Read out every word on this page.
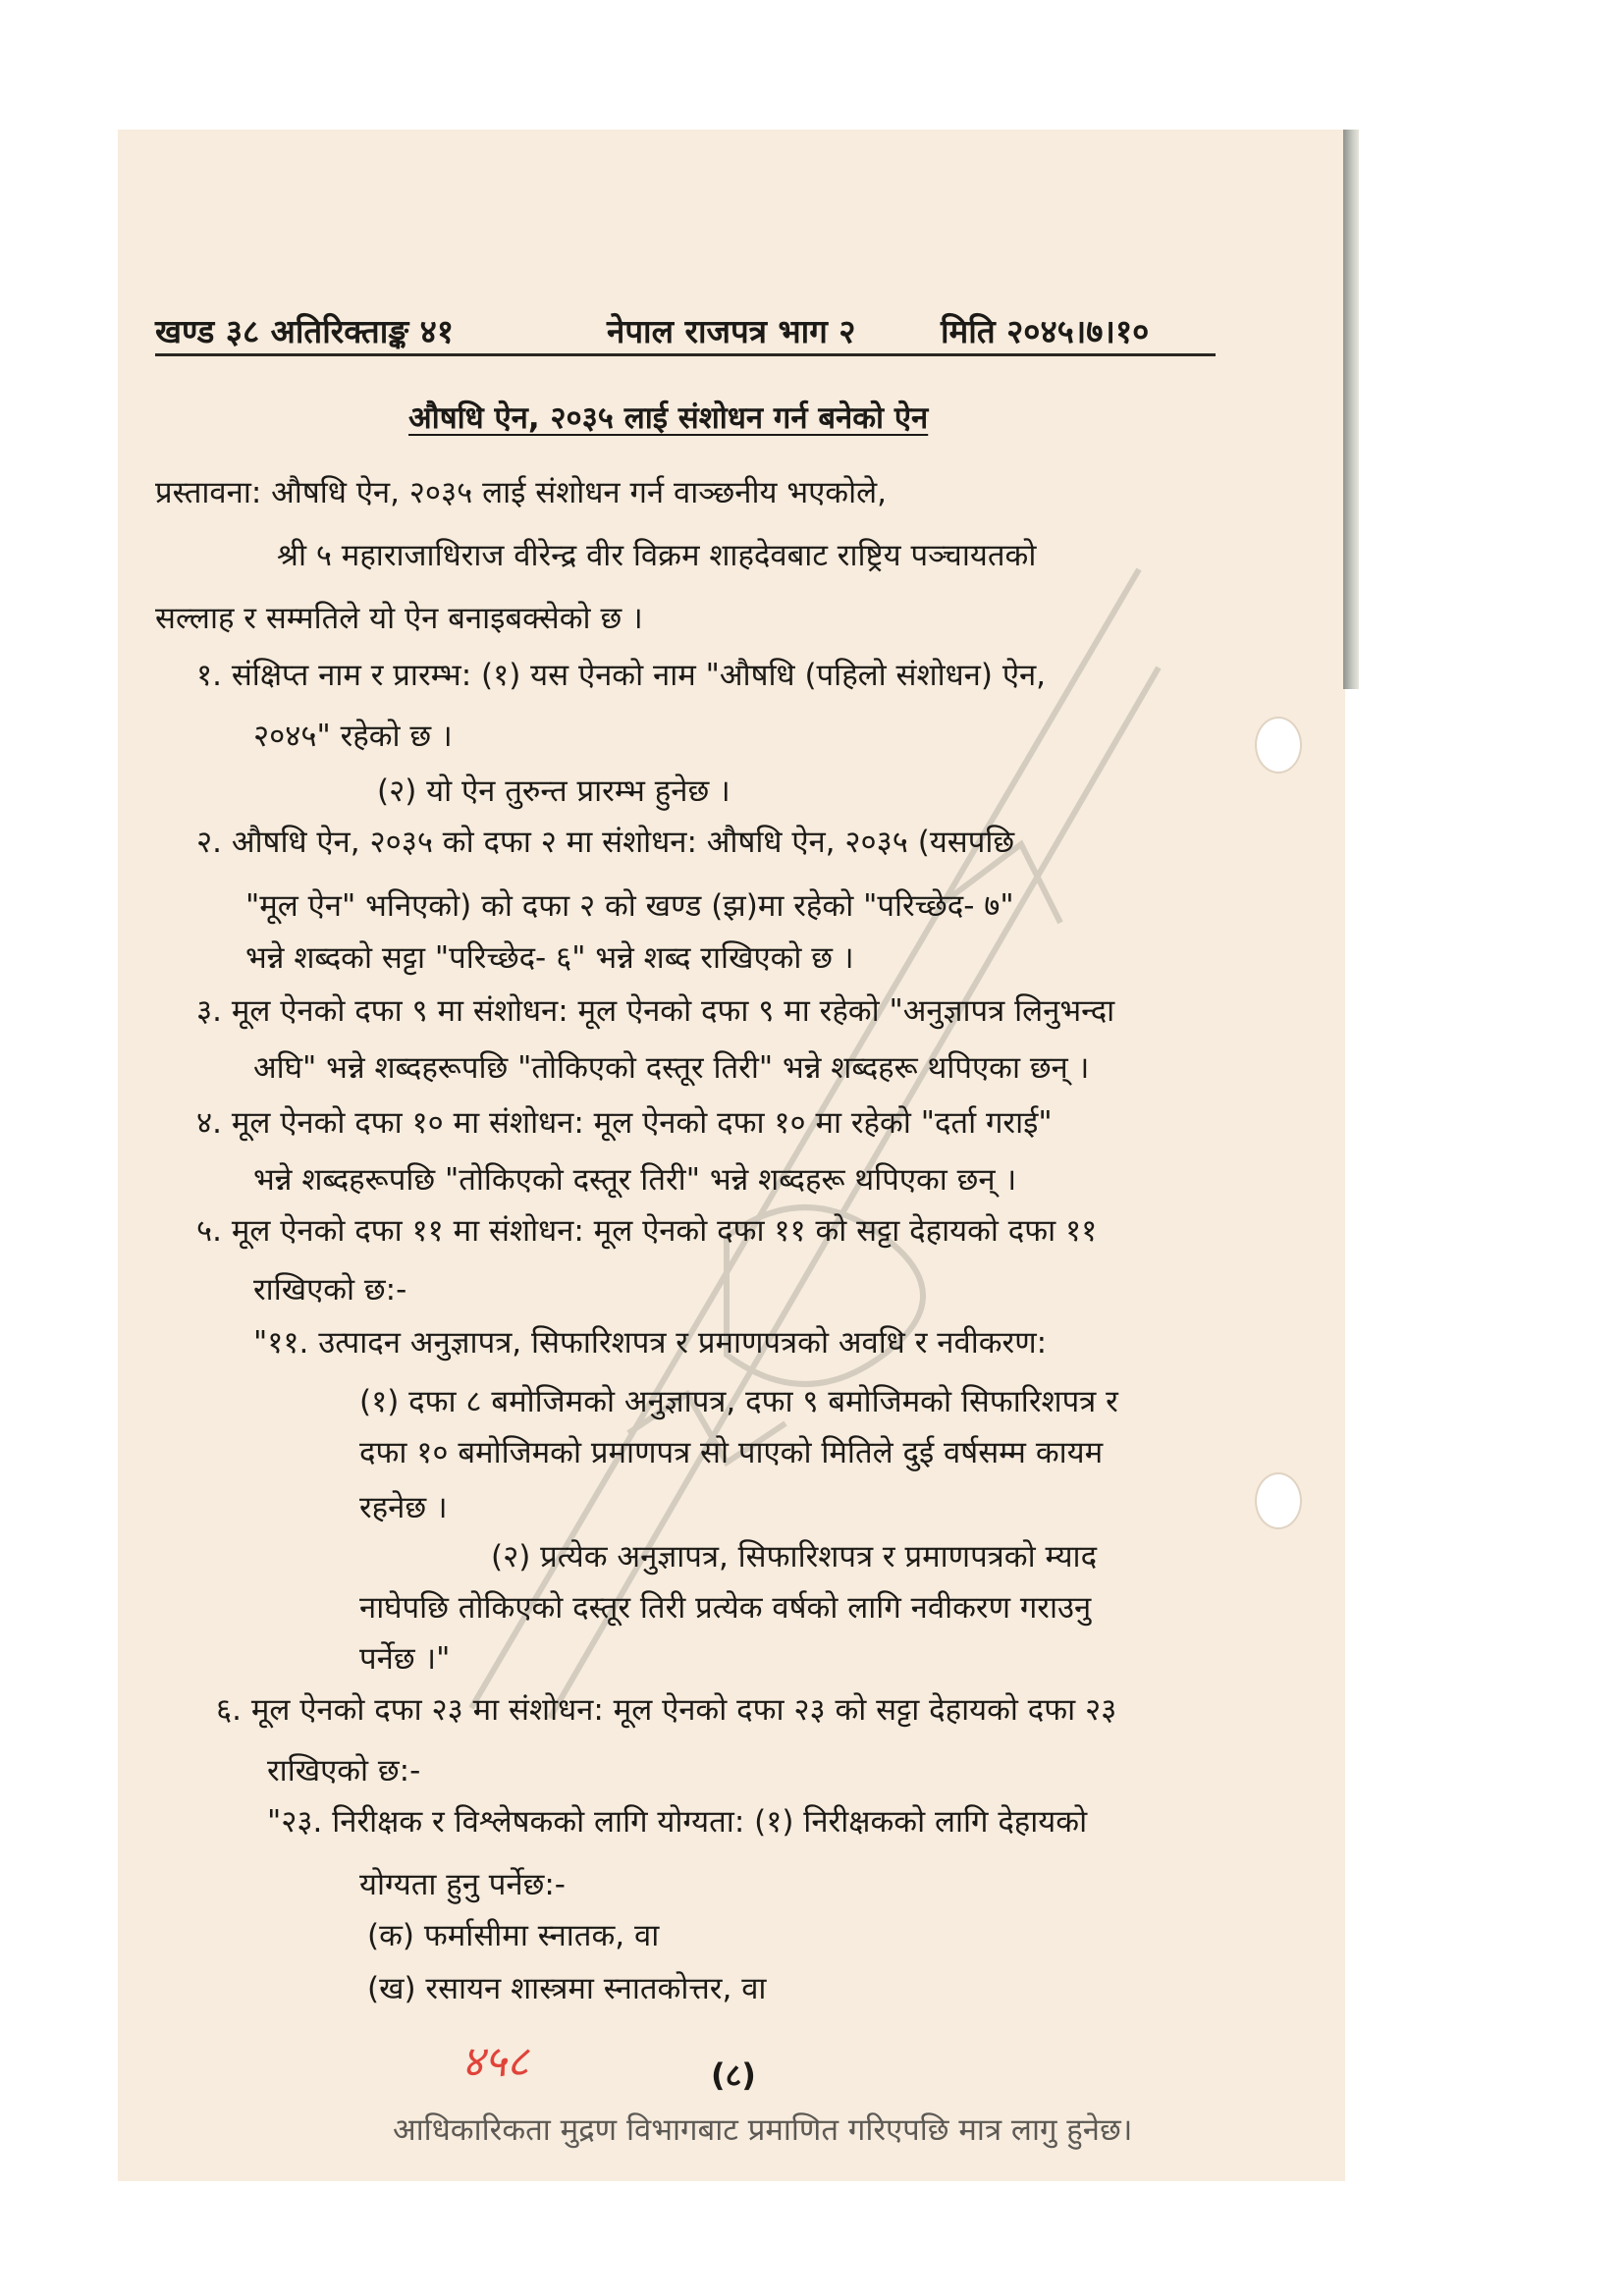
खण्ड ३८ अतिरिक्ताङ्क ४१	नेपाल राजपत्र भाग २	मिति २०४५।७।१०
औषधि ऐन, २०३५ लाई संशोधन गर्न बनेको ऐन
प्रस्तावना: औषधि ऐन, २०३५ लाई संशोधन गर्न वाञ्छनीय भएकोले,
श्री ५ महाराजाधिराज वीरेन्द्र वीर विक्रम शाहदेवबाट राष्ट्रिय पञ्चायतको
सल्लाह र सम्मतिले यो ऐन बनाइबक्सेको छ ।
१. संक्षिप्त नाम र प्रारम्भ: (१) यस ऐनको नाम "औषधि (पहिलो संशोधन) ऐन,
२०४५" रहेको छ ।
(२) यो ऐन तुरुन्त प्रारम्भ हुनेछ ।
२. औषधि ऐन, २०३५ को दफा २ मा संशोधन: औषधि ऐन, २०३५ (यसपछि
"मूल ऐन" भनिएको) को दफा २ को खण्ड (झ)मा रहेको "परिच्छेद- ७"
भन्ने शब्दको सट्टा "परिच्छेद- ६" भन्ने शब्द राखिएको छ ।
३. मूल ऐनको दफा ९ मा संशोधन: मूल ऐनको दफा ९ मा रहेको "अनुज्ञापत्र लिनुभन्दा
अघि" भन्ने शब्दहरूपछि "तोकिएको दस्तूर तिरी" भन्ने शब्दहरू थपिएका छन् ।
४. मूल ऐनको दफा १० मा संशोधन: मूल ऐनको दफा १० मा रहेको "दर्ता गराई"
भन्ने शब्दहरूपछि "तोकिएको दस्तूर तिरी" भन्ने शब्दहरू थपिएका छन् ।
५. मूल ऐनको दफा ११ मा संशोधन: मूल ऐनको दफा ११ को सट्टा देहायको दफा ११
राखिएको छ:-
"११. उत्पादन अनुज्ञापत्र, सिफारिशपत्र र प्रमाणपत्रको अवधि र नवीकरण:
(१) दफा ८ बमोजिमको अनुज्ञापत्र, दफा ९ बमोजिमको सिफारिशपत्र र
दफा १० बमोजिमको प्रमाणपत्र सो पाएको मितिले दुई वर्षसम्म कायम
रहनेछ ।
(२) प्रत्येक अनुज्ञापत्र, सिफारिशपत्र र प्रमाणपत्रको म्याद
नाघेपछि तोकिएको दस्तूर तिरी प्रत्येक वर्षको लागि नवीकरण गराउनु
पर्नेछ ।"
६. मूल ऐनको दफा २३ मा संशोधन: मूल ऐनको दफा २३ को सट्टा देहायको दफा २३
राखिएको छ:-
"२३. निरीक्षक र विश्लेषकको लागि योग्यता: (१) निरीक्षकको लागि देहायको
योग्यता हुनु पर्नेछ:-
(क) फर्मासीमा स्नातक, वा
(ख) रसायन शास्त्रमा स्नातकोत्तर, वा
४५८	(८)
आधिकारिकता मुद्रण विभागबाट प्रमाणित गरिएपछि मात्र लागु हुनेछ।
